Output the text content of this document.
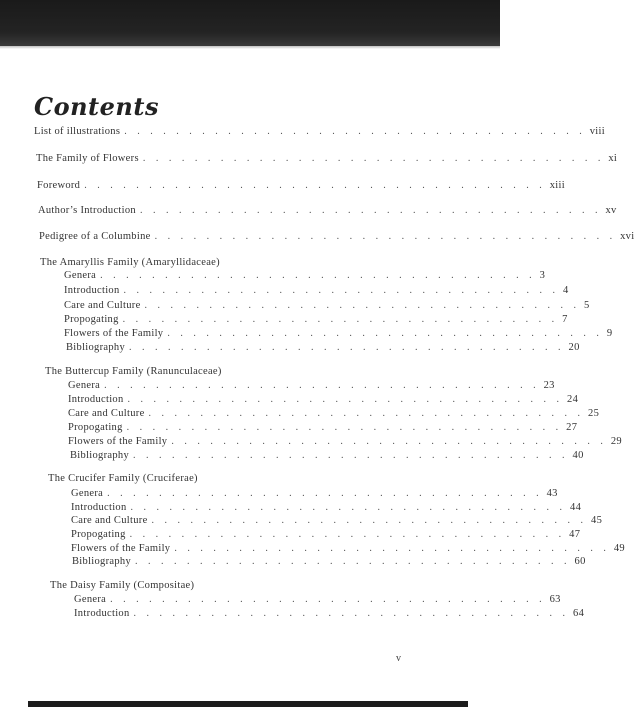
Contents
List of illustrations . . . . . . . . . . . . . . . . . . . . . . . . . . . . . . . . . . . . viii
The Family of Flowers . . . . . . . . . . . . . . . . . . . . . . . . . . . . . . . . . . . . xi
Foreword . . . . . . . . . . . . . . . . . . . . . . . . . . . . . . . . . . . . xiii
Author’s Introduction . . . . . . . . . . . . . . . . . . . . . . . . . . . . . . . . . . . . xv
Pedigree of a Columbine . . . . . . . . . . . . . . . . . . . . . . . . . . . . . . . . . . . . xvi
The Amaryllis Family (Amaryllidaceae)
Genera . . . . . . . . . . . . . . . . . . . . . . . . . . . . . . . . . . 3
Introduction . . . . . . . . . . . . . . . . . . . . . . . . . . . . . . . . . . 4
Care and Culture . . . . . . . . . . . . . . . . . . . . . . . . . . . . . . . . . . 5
Propogating . . . . . . . . . . . . . . . . . . . . . . . . . . . . . . . . . . 7
Flowers of the Family . . . . . . . . . . . . . . . . . . . . . . . . . . . . . . . . . . 9
Bibliography . . . . . . . . . . . . . . . . . . . . . . . . . . . . . . . . . . 20
The Buttercup Family (Ranunculaceae)
Genera . . . . . . . . . . . . . . . . . . . . . . . . . . . . . . . . . . 23
Introduction . . . . . . . . . . . . . . . . . . . . . . . . . . . . . . . . . . 24
Care and Culture . . . . . . . . . . . . . . . . . . . . . . . . . . . . . . . . . . 25
Propogating . . . . . . . . . . . . . . . . . . . . . . . . . . . . . . . . . . 27
Flowers of the Family . . . . . . . . . . . . . . . . . . . . . . . . . . . . . . . . . . 29
Bibliography . . . . . . . . . . . . . . . . . . . . . . . . . . . . . . . . . . 40
The Crucifer Family (Cruciferae)
Genera . . . . . . . . . . . . . . . . . . . . . . . . . . . . . . . . . . 43
Introduction . . . . . . . . . . . . . . . . . . . . . . . . . . . . . . . . . . 44
Care and Culture . . . . . . . . . . . . . . . . . . . . . . . . . . . . . . . . . . 45
Propogating . . . . . . . . . . . . . . . . . . . . . . . . . . . . . . . . . . 47
Flowers of the Family . . . . . . . . . . . . . . . . . . . . . . . . . . . . . . . . . . 49
Bibliography . . . . . . . . . . . . . . . . . . . . . . . . . . . . . . . . . . 60
The Daisy Family (Compositae)
Genera . . . . . . . . . . . . . . . . . . . . . . . . . . . . . . . . . . 63
Introduction . . . . . . . . . . . . . . . . . . . . . . . . . . . . . . . . . . 64
v
